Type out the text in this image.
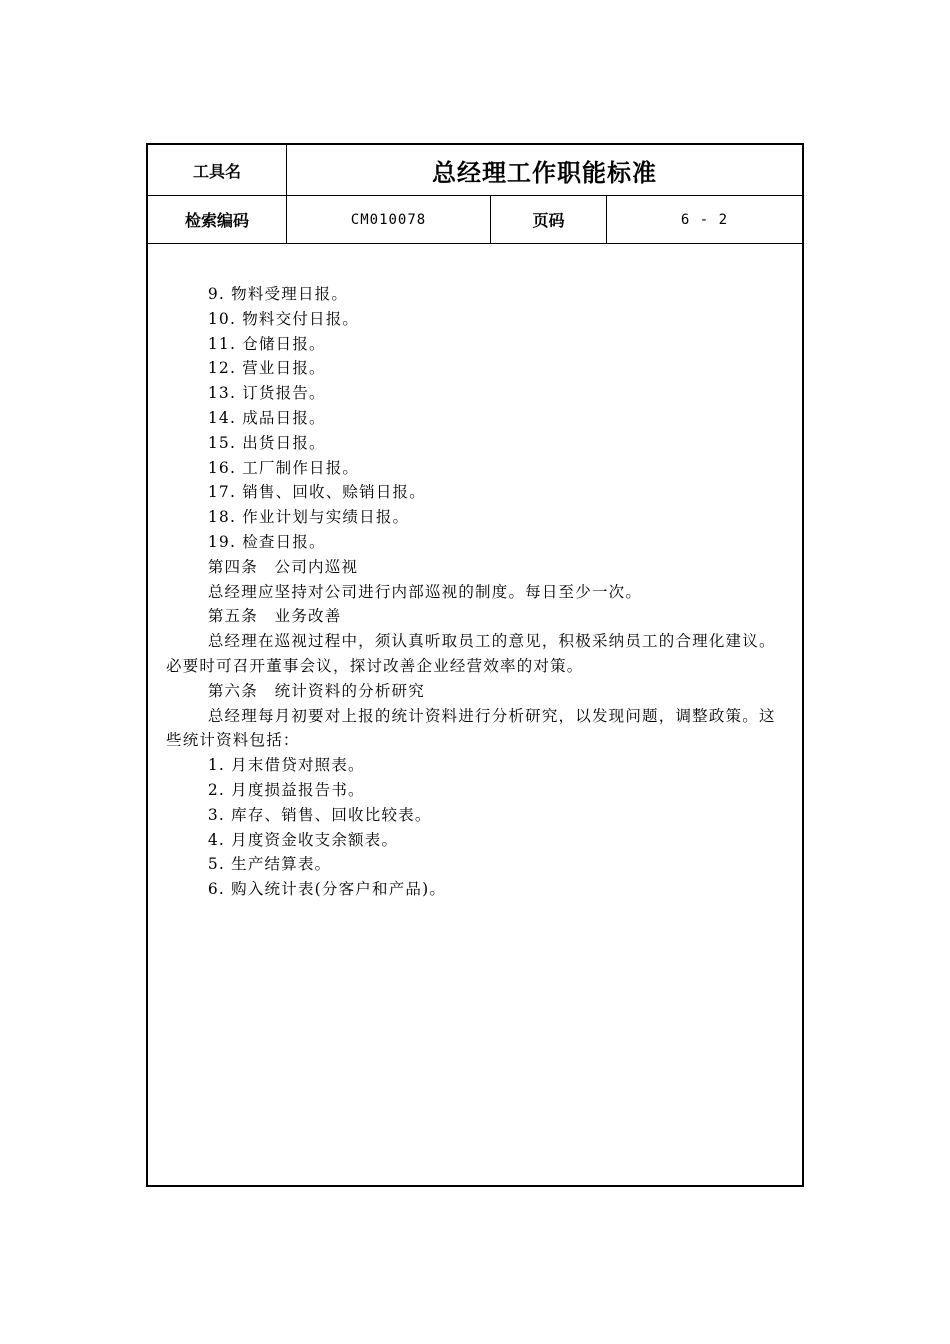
工具名	总经理工作职能标准
检索编码	CM010078	页码	6 - 2

9. 物料受理日报。

10. 物料交付日报。

11. 仓储日报。

12. 营业日报。

13. 订货报告。

14. 成品日报。

15. 出货日报。

16. 工厂制作日报。

17. 销售、回收、赊销日报。

18. 作业计划与实绩日报。

19. 检查日报。

第四条　公司内巡视

总经理应坚持对公司进行内部巡视的制度。每日至少一次。

第五条　业务改善

总经理在巡视过程中，须认真听取员工的意见，积极采纳员工的合理化建议。必要时可召开董事会议，探讨改善企业经营效率的对策。

第六条　统计资料的分析研究

总经理每月初要对上报的统计资料进行分析研究，以发现问题，调整政策。这些统计资料包括：

1. 月末借贷对照表。

2. 月度损益报告书。

3. 库存、销售、回收比较表。

4. 月度资金收支余额表。

5. 生产结算表。

6. 购入统计表(分客户和产品)。
